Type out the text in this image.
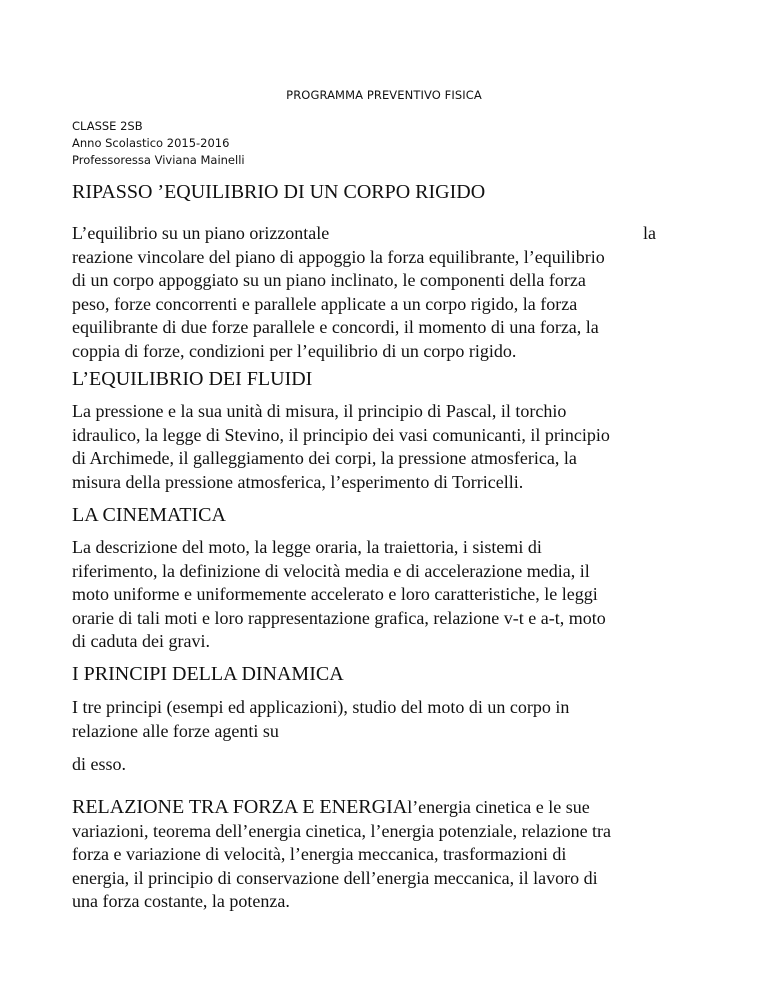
PROGRAMMA PREVENTIVO FISICA
CLASSE 2SB
Anno Scolastico 2015-2016
Professoressa Viviana Mainelli
RIPASSO ’EQUILIBRIO DI UN CORPO RIGIDO
L’equilibrio su un piano orizzontale	la
reazione vincolare del piano di appoggio la forza equilibrante, l’equilibrio
di un corpo appoggiato su un piano inclinato, le componenti della forza
peso, forze concorrenti e parallele applicate a un corpo rigido, la forza
equilibrante di due forze parallele e concordi, il momento di una forza, la
coppia di forze, condizioni per l’equilibrio di un corpo rigido.
L’EQUILIBRIO DEI FLUIDI
La pressione e la sua unità di misura, il principio di Pascal, il torchio
idraulico, la legge di Stevino, il principio dei vasi comunicanti, il principio
di Archimede, il galleggiamento dei corpi, la pressione atmosferica, la
misura della pressione atmosferica, l’esperimento di Torricelli.
LA CINEMATICA
La descrizione del moto, la legge oraria, la traiettoria, i sistemi di
riferimento, la definizione di velocità media e di accelerazione media, il
moto uniforme e uniformemente accelerato e loro caratteristiche, le leggi
orarie di tali moti e loro rappresentazione grafica, relazione v-t e a-t, moto
di caduta dei gravi.
I PRINCIPI DELLA DINAMICA
I tre principi (esempi ed applicazioni), studio del moto di un corpo in
relazione alle forze agenti su
di esso.
RELAZIONE TRA FORZA E ENERGIAl’energia cinetica e le sue
variazioni, teorema dell’energia cinetica, l’energia potenziale, relazione tra
forza e variazione di velocità, l’energia meccanica, trasformazioni di
energia, il principio di conservazione dell’energia meccanica, il lavoro di
una forza costante, la potenza.
